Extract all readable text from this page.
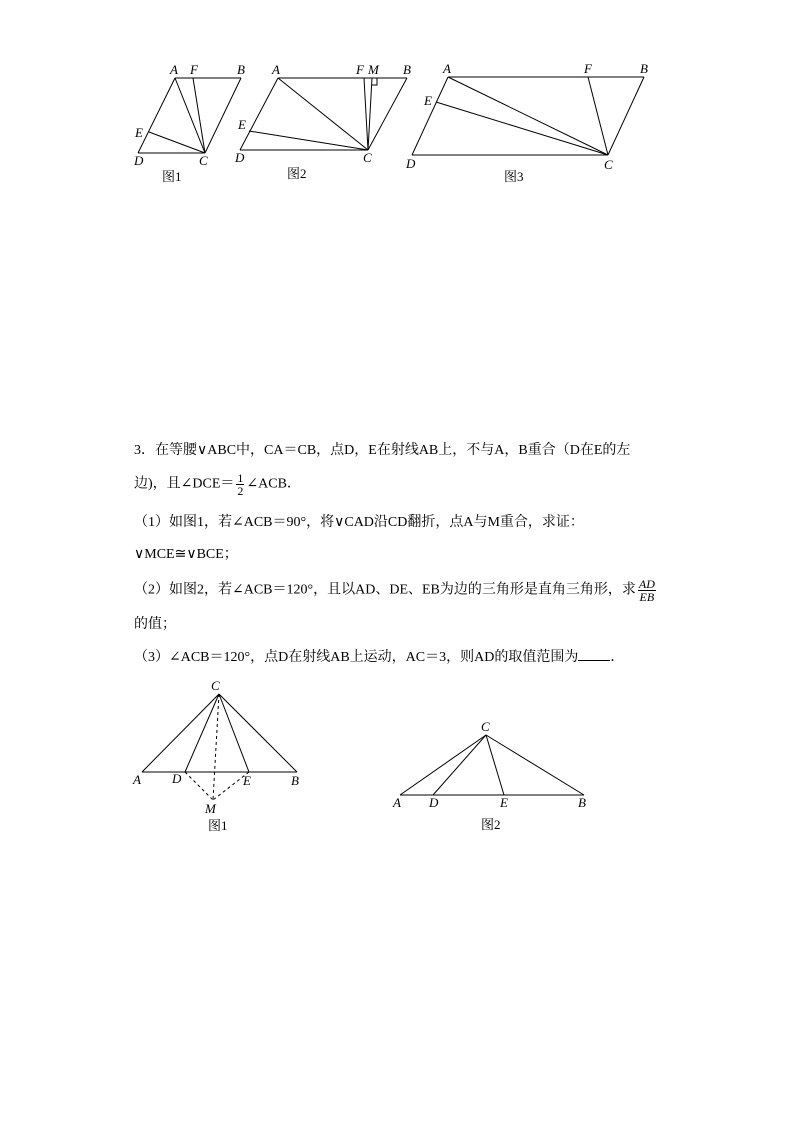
A F	B
E
D	C
图1
A	F M B
E
D	C
图2
A	F	B
E
D	C
图3
3．在等腰∨ABC中，CA＝CB，点D，E在射线AB上，不与A，B重合（D在E的左
边)，且∠DCE＝ $\frac{1}{2}$ ∠ACB．
（1）如图1，若∠ACB＝90°，将∨CAD沿CD翻折，点A与M重合，求证：
∨MCE≅∨BCE；
（2）如图2，若∠ACB＝120°，且以AD、DE、EB为边的三角形是直角三角形，求 $\frac{AD}{EB}$
的值；
（3）∠ACB＝120°，点D在射线AB上运动，AC＝3，则AD的取值范围为 ．
C
A D	E	B
M
图1
C
A D	E	B
图2
